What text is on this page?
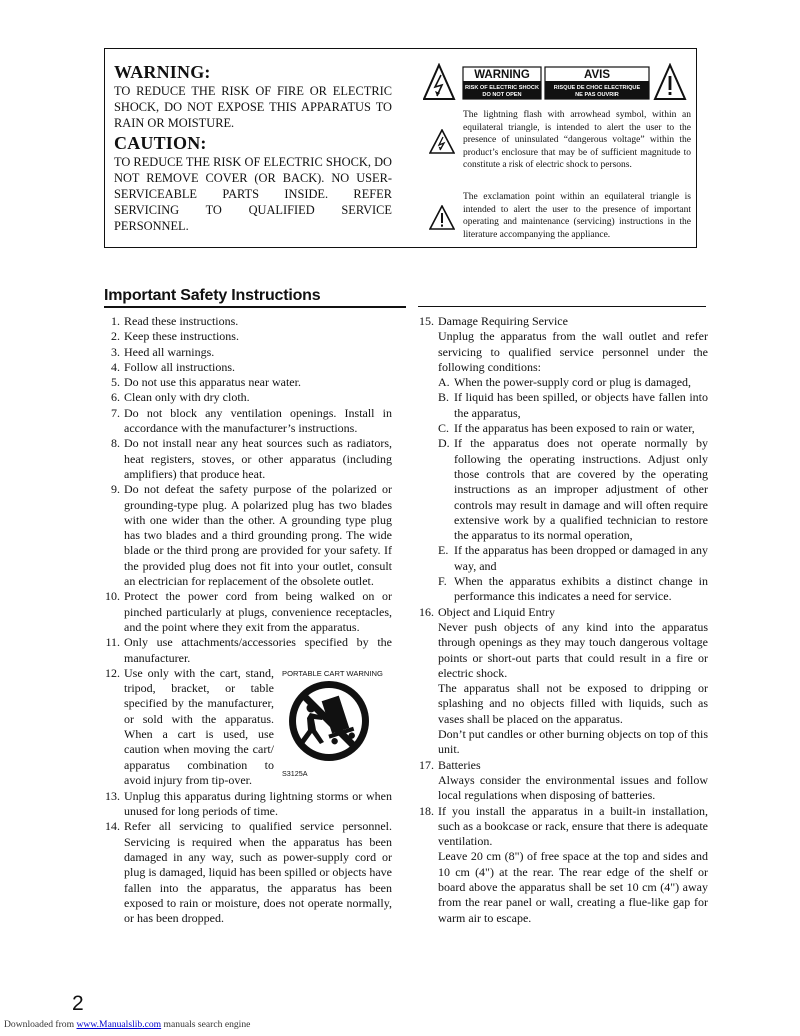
WARNING:
TO REDUCE THE RISK OF FIRE OR ELECTRIC SHOCK, DO NOT EXPOSE THIS APPARATUS TO RAIN OR MOISTURE.
CAUTION:
TO REDUCE THE RISK OF ELECTRIC SHOCK, DO NOT REMOVE COVER (OR BACK). NO USER-SERVICEABLE PARTS INSIDE. REFER SERVICING TO QUALIFIED SERVICE PERSONNEL.
WARNING
RISK OF ELECTRIC SHOCK
DO NOT OPEN
AVIS
RISQUE DE CHOC ELECTRIQUE
NE PAS OUVRIR
The lightning flash with arrowhead symbol, within an equilateral triangle, is intended to alert the user to the presence of uninsulated “dangerous voltage” within the product’s enclosure that may be of sufficient magnitude to constitute a risk of electric shock to persons.
The exclamation point within an equilateral triangle is intended to alert the user to the presence of important operating and maintenance (servicing) instructions in the literature accompanying the appliance.
Important Safety Instructions
1. Read these instructions.
2. Keep these instructions.
3. Heed all warnings.
4. Follow all instructions.
5. Do not use this apparatus near water.
6. Clean only with dry cloth.
7. Do not block any ventilation openings. Install in accordance with the manufacturer’s instructions.
8. Do not install near any heat sources such as radiators, heat registers, stoves, or other apparatus (including amplifiers) that produce heat.
9. Do not defeat the safety purpose of the polarized or grounding-type plug. A polarized plug has two blades with one wider than the other. A grounding type plug has two blades and a third grounding prong. The wide blade or the third prong are provided for your safety. If the provided plug does not fit into your outlet, consult an electrician for replacement of the obsolete outlet.
10. Protect the power cord from being walked on or pinched particularly at plugs, convenience receptacles, and the point where they exit from the apparatus.
11. Only use attachments/accessories specified by the manufacturer.
12. Use only with the cart, stand, tripod, bracket, or table specified by the manufacturer, or sold with the apparatus. When a cart is used, use caution when moving the cart/ apparatus combination to avoid injury from tip-over.
PORTABLE CART WARNING
S3125A
13. Unplug this apparatus during lightning storms or when unused for long periods of time.
14. Refer all servicing to qualified service personnel. Servicing is required when the apparatus has been damaged in any way, such as power-supply cord or plug is damaged, liquid has been spilled or objects have fallen into the apparatus, the apparatus has been exposed to rain or moisture, does not operate normally, or has been dropped.
15. Damage Requiring Service
Unplug the apparatus from the wall outlet and refer servicing to qualified service personnel under the following conditions:
A. When the power-supply cord or plug is damaged,
B. If liquid has been spilled, or objects have fallen into the apparatus,
C. If the apparatus has been exposed to rain or water,
D. If the apparatus does not operate normally by following the operating instructions. Adjust only those controls that are covered by the operating instructions as an improper adjustment of other controls may result in damage and will often require extensive work by a qualified technician to restore the apparatus to its normal operation,
E. If the apparatus has been dropped or damaged in any way, and
F. When the apparatus exhibits a distinct change in performance this indicates a need for service.
16. Object and Liquid Entry
Never push objects of any kind into the apparatus through openings as they may touch dangerous voltage points or short-out parts that could result in a fire or electric shock.
The apparatus shall not be exposed to dripping or splashing and no objects filled with liquids, such as vases shall be placed on the apparatus.
Don’t put candles or other burning objects on top of this unit.
17. Batteries
Always consider the environmental issues and follow local regulations when disposing of batteries.
18. If you install the apparatus in a built-in installation, such as a bookcase or rack, ensure that there is adequate ventilation.
Leave 20 cm (8") of free space at the top and sides and 10 cm (4") at the rear. The rear edge of the shelf or board above the apparatus shall be set 10 cm (4") away from the rear panel or wall, creating a flue-like gap for warm air to escape.
2
Downloaded from www.Manualslib.com manuals search engine
